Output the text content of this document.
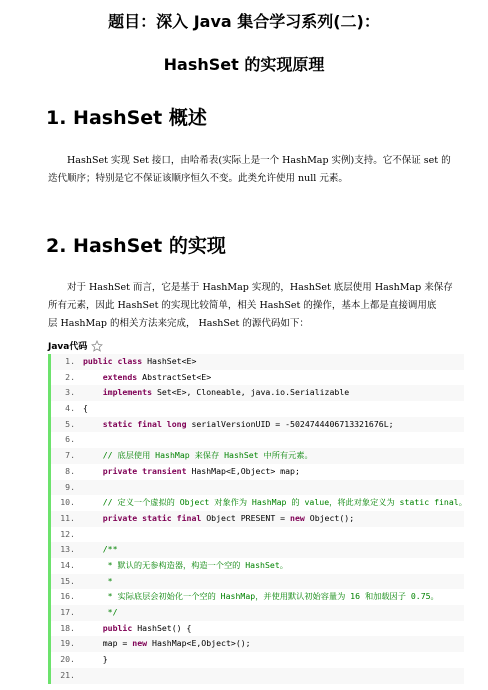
题目：深入 Java 集合学习系列(二)：
HashSet 的实现原理
1. HashSet 概述
HashSet 实现 Set 接口，由哈希表(实际上是一个 HashMap 实例)支持。它不保证 set 的
迭代顺序；特别是它不保证该顺序恒久不变。此类允许使用 null 元素。
2. HashSet 的实现
对于 HashSet 而言，它是基于 HashMap 实现的，HashSet 底层使用 HashMap 来保存
所有元素，因此 HashSet 的实现比较简单，相关 HashSet 的操作，基本上都是直接调用底
层 HashMap 的相关方法来完成， HashSet 的源代码如下：
Java代码
1. public class HashSet<E>
2.	extends AbstractSet<E>
3.	implements Set<E>, Cloneable, java.io.Serializable
4. {
5.	static final long serialVersionUID = -5024744406713321676L;
6.
7. // 底层使用 HashMap 来保存 HashSet 中所有元素。
8.	private transient HashMap<E,Object> map;
9.
10. // 定义一个虚拟的 Object 对象作为 HashMap 的 value，将此对象定义为 static final。
11.	private static final Object PRESENT = new Object();
12.
13. /**
14. * 默认的无参构造器，构造一个空的 HashSet。
15. *
16. * 实际底层会初始化一个空的 HashMap，并使用默认初始容量为 16 和加载因子 0.75。
17. */
18.	public HashSet() {
19. map = new HashMap<E,Object>();
20. }
21.
